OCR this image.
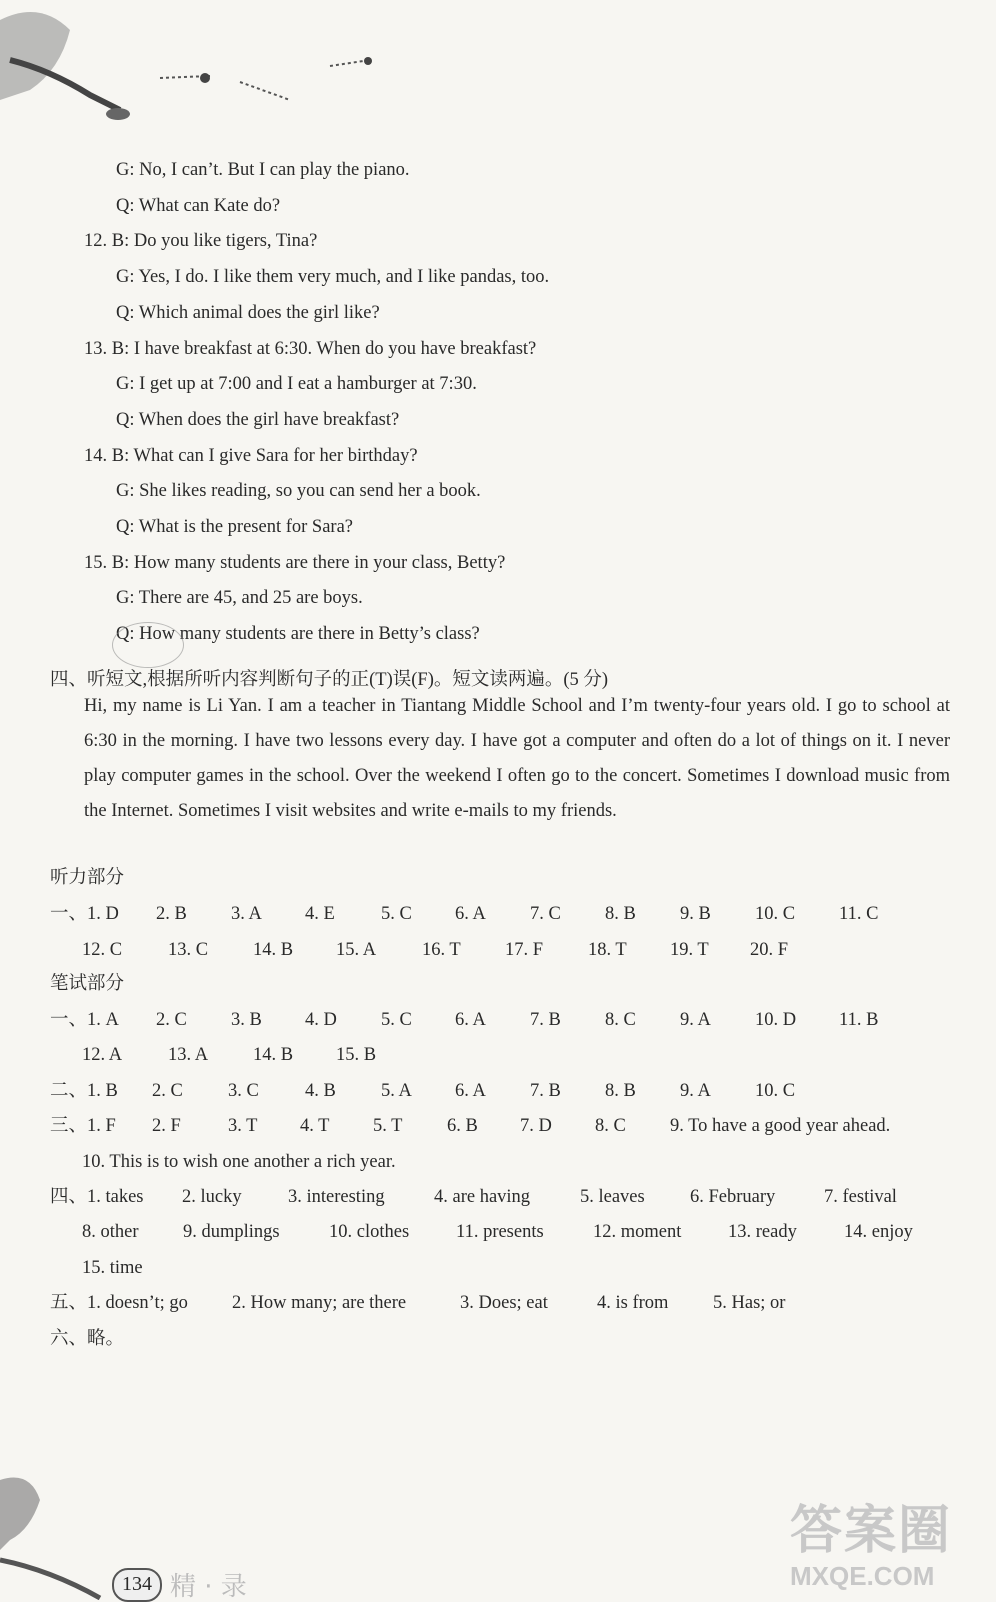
G: No, I can’t. But I can play the piano.
Q: What can Kate do?
12. B: Do you like tigers, Tina?
G: Yes, I do. I like them very much, and I like pandas, too.
Q: Which animal does the girl like?
13. B: I have breakfast at 6:30. When do you have breakfast?
G: I get up at 7:00 and I eat a hamburger at 7:30.
Q: When does the girl have breakfast?
14. B: What can I give Sara for her birthday?
G: She likes reading, so you can send her a book.
Q: What is the present for Sara?
15. B: How many students are there in your class, Betty?
G: There are 45, and 25 are boys.
Q: How many students are there in Betty’s class?
四、听短文,根据所听内容判断句子的正(T)误(F)。短文读两遍。(5 分)
Hi, my name is Li Yan. I am a teacher in Tiantang Middle School and I’m twenty-four years old. I go to school at 6:30 in the morning. I have two lessons every day. I have got a computer and often do a lot of things on it. I never play computer games in the school. Over the weekend I often go to the concert. Sometimes I download music from the Internet. Sometimes I visit websites and write e-mails to my friends.
听力部分
一、1. D 2. B 3. A 4. E 5. C 6. A 7. C 8. B 9. B 10. C 11. C
12. C 13. C 14. B 15. A 16. T 17. F 18. T 19. T 20. F
笔试部分
一、1. A 2. C 3. B 4. D 5. C 6. A 7. B 8. C 9. A 10. D 11. B
12. A 13. A 14. B 15. B
二、1. B 2. C 3. C 4. B 5. A 6. A 7. B 8. B 9. A 10. C
三、1. F 2. F	3. T 4. T 5. T 6. B 7. D 8. C 9. To have a good year ahead.
10. This is to wish one another a rich year.
四、1. takes 2. lucky	3. interesting	4. are having	5. leaves 6. February	7. festival
8. other 9. dumplings	10. clothes	11. presents	12. moment	13. ready	14. enjoy
15. time
五、1. doesn’t; go 2. How many; are there	3. Does; eat	4. is from 5. Has; or
六、略。
精 · 录
134
答案圈
MXQE.COM
